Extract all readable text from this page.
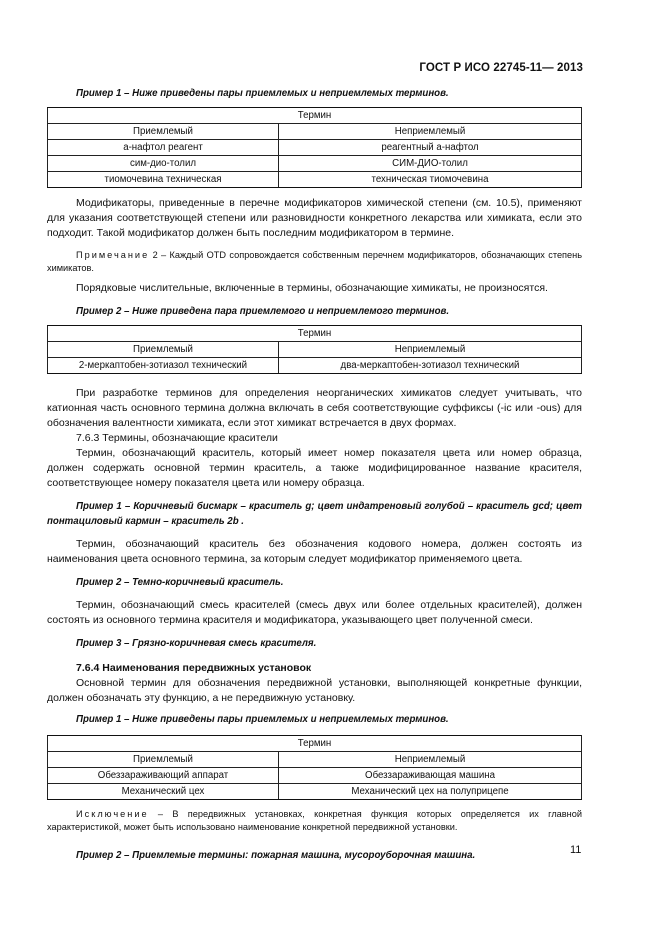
ГОСТ Р ИСО 22745-11— 2013

Пример 1 – Ниже приведены пары приемлемых и неприемлемых терминов.

Термин	
Приемлемый	Неприемлемый
а-нафтол реагент	реагентный а-нафтол
сим-дио-толил	СИМ-ДИО-толил
тиомочевина техническая	техническая тиомочевина

Модификаторы, приведенные в перечне модификаторов химической степени (см. 10.5), применяют для указания соответствующей степени или разновидности конкретного лекарства или химиката, если это подходит. Такой модификатор должен быть последним модификатором в термине.

Примечание 2 – Каждый OTD сопровождается собственным перечнем модификаторов, обозначающих степень химикатов.

Порядковые числительные, включенные в термины, обозначающие химикаты, не произносятся.

Пример 2 – Ниже приведена пара приемлемого и неприемлемого терминов.

Термин	
Приемлемый	Неприемлемый
2-меркаптобен-зотиазол технический	два-меркаптобен-зотиазол технический

При разработке терминов для определения неорганических химикатов следует учитывать, что катионная часть основного термина должна включать в себя соответствующие суффиксы (-ic или -ous) для обозначения валентности химиката, если этот химикат встречается в двух формах.

7.6.3 Термины, обозначающие красители

Термин, обозначающий краситель, который имеет номер показателя цвета или номер образца, должен содержать основной термин краситель, а также модифицированное название красителя, соответствующее номеру показателя цвета или номеру образца.

Пример 1 – Коричневый бисмарк – краситель g; цвет индатреновый голубой – краситель gcd; цвет понтациловый кармин – краситель 2b .

Термин, обозначающий краситель без обозначения кодового номера, должен состоять из наименования цвета основного термина, за которым следует модификатор применяемого цвета.

Пример 2 – Темно-коричневый краситель.

Термин, обозначающий смесь красителей (смесь двух или более отдельных красителей), должен состоять из основного термина красителя и модификатора, указывающего цвет полученной смеси.

Пример 3 – Грязно-коричневая смесь красителя.

7.6.4 Наименования передвижных установок

Основной термин для обозначения передвижной установки, выполняющей конкретные функции, должен обозначать эту функцию, а не передвижную установку.

Пример 1 – Ниже приведены пары приемлемых и неприемлемых терминов.

Термин	
Приемлемый	Неприемлемый
Обеззараживающий аппарат	Обеззараживающая машина
Механический цех	Механический цех на полуприцепе

Исключение – В передвижных установках, конкретная функция которых определяется их главной характеристикой, может быть использовано наименование конкретной передвижной установки.

Пример 2 – Приемлемые термины: пожарная машина, мусороуборочная машина.	11
